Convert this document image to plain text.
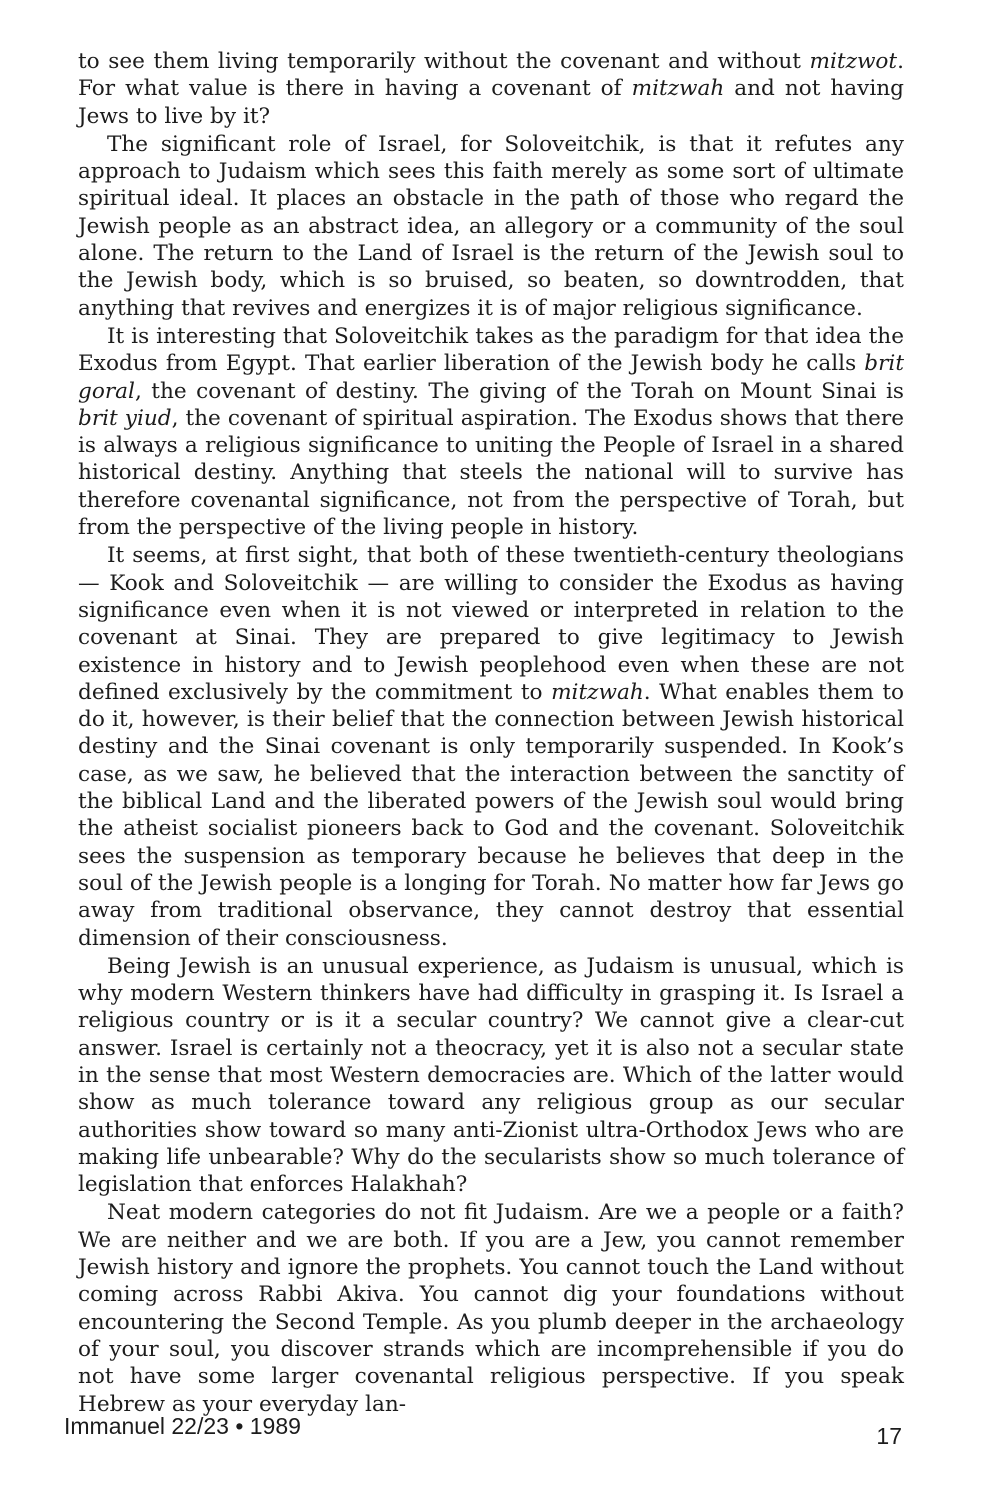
to see them living temporarily without the covenant and without mitzwot. For what value is there in having a covenant of mitzwah and not having Jews to live by it?

The significant role of Israel, for Soloveitchik, is that it refutes any approach to Judaism which sees this faith merely as some sort of ultimate spiritual ideal. It places an obstacle in the path of those who regard the Jewish people as an abstract idea, an allegory or a community of the soul alone. The return to the Land of Israel is the return of the Jewish soul to the Jewish body, which is so bruised, so beaten, so downtrodden, that anything that revives and energizes it is of major religious significance.

It is interesting that Soloveitchik takes as the paradigm for that idea the Exodus from Egypt. That earlier liberation of the Jewish body he calls brit goral, the covenant of destiny. The giving of the Torah on Mount Sinai is brit yiud, the covenant of spiritual aspiration. The Exodus shows that there is always a religious significance to uniting the People of Israel in a shared historical destiny. Anything that steels the national will to survive has therefore covenantal significance, not from the perspective of Torah, but from the perspective of the living people in history.

It seems, at first sight, that both of these twentieth-century theologians — Kook and Soloveitchik — are willing to consider the Exodus as having significance even when it is not viewed or interpreted in relation to the covenant at Sinai. They are prepared to give legitimacy to Jewish existence in history and to Jewish peoplehood even when these are not defined exclusively by the commitment to mitzwah. What enables them to do it, however, is their belief that the connection between Jewish historical destiny and the Sinai covenant is only temporarily suspended. In Kook’s case, as we saw, he believed that the interaction between the sanctity of the biblical Land and the liberated powers of the Jewish soul would bring the atheist socialist pioneers back to God and the covenant. Soloveitchik sees the suspension as temporary because he believes that deep in the soul of the Jewish people is a longing for Torah. No matter how far Jews go away from traditional observance, they cannot destroy that essential dimension of their consciousness.

Being Jewish is an unusual experience, as Judaism is unusual, which is why modern Western thinkers have had difficulty in grasping it. Is Israel a religious country or is it a secular country? We cannot give a clear-cut answer. Israel is certainly not a theocracy, yet it is also not a secular state in the sense that most Western democracies are. Which of the latter would show as much tolerance toward any religious group as our secular authorities show toward so many anti-Zionist ultra-Orthodox Jews who are making life unbearable? Why do the secularists show so much tolerance of legislation that enforces Halakhah?

Neat modern categories do not fit Judaism. Are we a people or a faith? We are neither and we are both. If you are a Jew, you cannot remember Jewish history and ignore the prophets. You cannot touch the Land without coming across Rabbi Akiva. You cannot dig your foundations without encountering the Second Temple. As you plumb deeper in the archaeology of your soul, you discover strands which are incomprehensible if you do not have some larger covenantal religious perspective. If you speak Hebrew as your everyday lan-

Immanuel 22/23 • 1989	17
